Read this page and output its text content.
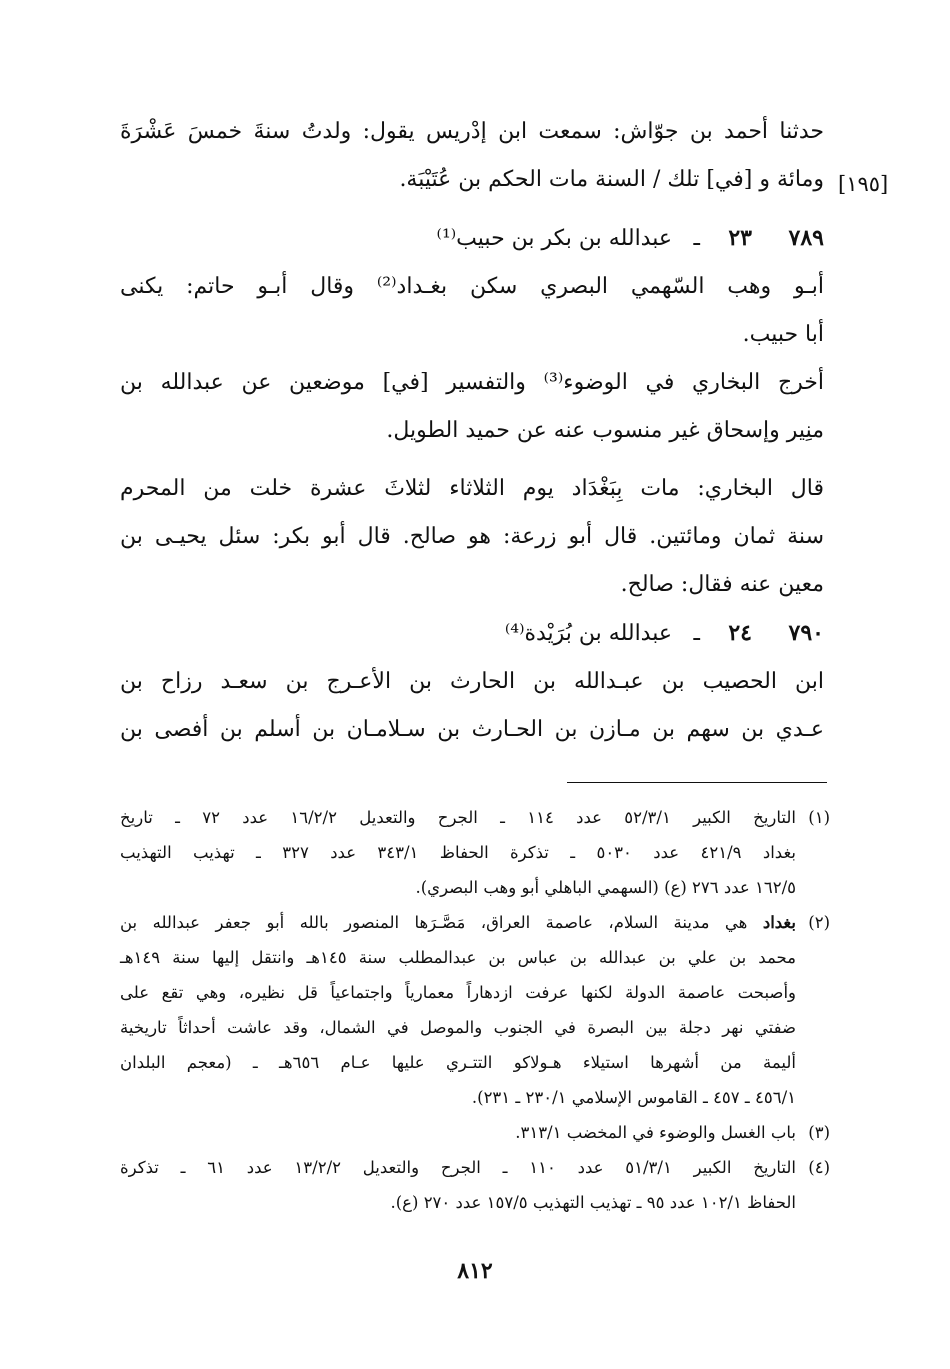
[١٩٥]
حدثنا أحمد بن جوّاش: سمعت ابن إدْريس يقول: ولدتُ سنةَ خمسَ عَشْرَةَ
ومائة و [في] تلك / السنة مات الحكم بن عُتَيْبَة.
٧٨٩
٢٣
ـ
عبدالله بن بكر بن حبيب⁽¹⁾
أبـو وهب السّهمي البصري سكن بغـداد⁽²⁾ وقال أبـو حاتم: يكنى
أبا حبيب.
أخرج البخاري في الوضوء⁽³⁾ والتفسير [في] موضعين عن عبدالله بن
منِير وإسحاق غير منسوب عنه عن حميد الطويل.
قال البخاري: مات بِبَغْدَاد يوم الثلاثاء لثلاثَ عشرة خلت من المحرم
سنة ثمان ومائتين. قال أبو زرعة: هو صالح. قال أبو بكر: سئل يحيـى بن
معين عنه فقال: صالح.
٧٩٠
٢٤
ـ
عبدالله بن بُرَيْدة⁽⁴⁾
ابن الحصيب بن عبـدالله بن الحارث بن الأعـرج بن سعـد رزاح بن
عـدي بن سهم بن مـازن بن الحـارث بن سـلامـان بن أسلم بن أفصى بن
(١)
التاريخ الكبير ٥٢/٣/١ عدد ١١٤ ـ الجرح والتعديل ١٦/٢/٢ عدد ٧٢ ـ تاريخ
بغداد ٤٢١/٩ عدد ٥٠٣٠ ـ تذكرة الحفاظ ٣٤٣/١ عدد ٣٢٧ ـ تهذيب التهذيب
١٦٢/٥ عدد ٢٧٦ (ع) (السهمي الباهلي أبو وهب البصري).
(٢)
بغداد هي مدينة السلام، عاصمة العراق، مَصَّـرَها المنصور بالله أبو جعفر عبدالله بن
محمد بن علي بن عبدالله بن عباس بن عبدالمطلب سنة ١٤٥هـ وانتقل إليها سنة ١٤٩هـ
وأصبحت عاصمة الدولة لكنها عرفت ازدهاراً معمارياً واجتماعياً قل نظيره، وهي تقع على
ضفتي نهر دجلة بين البصرة في الجنوب والموصل في الشمال، وقد عاشت أحداثاً تاريخية
أليمة من أشهرها استيلاء هـولاكو التتـري عليها عـام ٦٥٦هـ ـ (معجم البلدان
٤٥٦/١ ـ ٤٥٧ ـ القاموس الإسلامي ٢٣٠/١ ـ ٢٣١).
(٣)
باب الغسل والوضوء في المخضب ٣١٣/١.
(٤)
التاريخ الكبير ٥١/٣/١ عدد ١١٠ ـ الجرح والتعديل ١٣/٢/٢ عدد ٦١ ـ تذكرة
الحفاظ ١٠٢/١ عدد ٩٥ ـ تهذيب التهذيب ١٥٧/٥ عدد ٢٧٠ (ع).
٨١٢
